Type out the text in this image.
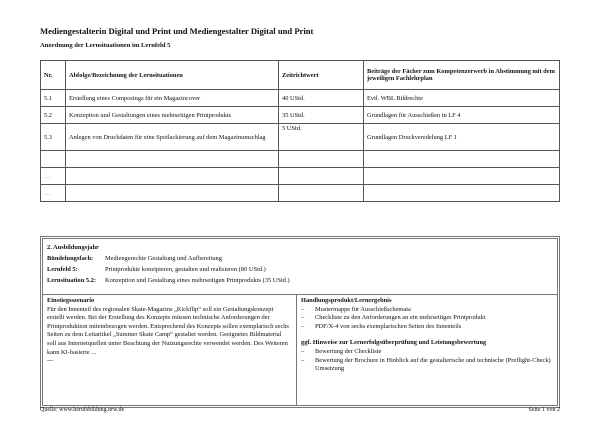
Mediengestalterin Digital und Print und Mediengestalter Digital und Print
Anordnung der Lernsituationen im Lernfeld 5
Nr.	Abfolge/Bezeichnung der Lernsituationen	Zeitrichtwert	Beiträge der Fächer zum Kompetenzerwerb in Abstimmung mit dem jeweiligen Fachlehrplan
5.1	Erstellung eines Composings für ein Magazincover	40 UStd.	Evtl. WBL Bildrechte
5.2	Konzeption und Gestaltungen eines mehrseitigen Printprodukts	35 UStd.	Grundlagen für Ausschießen in LF 4
5.3	Anlegen von Druckdaten für eine Spotlackierung auf dem Magazinumschlag	5 UStd.	Grundlagen Druckveredelung LF 1

…			
…			
2. Ausbildungsjahr
Bündelungsfach: Mediengerechte Gestaltung und Aufbereitung
Lernfeld 5:	Printprodukte konzipieren, gestalten und realisieren (80 UStd.)
Lernsituation 5.2: Konzeption und Gestaltung eines mehrseitigen Printprodukts (35 UStd.)
Einstiegsszenario
Für den Innenteil des regionalen Skate-Magazins „Kickflip“ soll ein Gestaltungskonzept erstellt werden. Bei der Erstellung des Konzepts müssen technische Anforderungen der Printproduktion miteinbezogen werden. Entsprechend des Konzepts sollen exemplarisch sechs Seiten zu dem Leitartikel „Summer Skate Camp“ gestaltet werden. Geeignetes Bildmaterial soll aus Internetquellen unter Beachtung der Nutzungsrechte verwendet werden. Des Weiteren kann KI-basierte ...
---
Handlungsprodukt/Lernergebnis
–	Mustermappe für Ausschießschemata
–	Checkliste zu den Anforderungen an ein mehrseitiges Printprodukt
–	PDF/X-4 von sechs exemplarischen Seiten des Innenteils
ggf. Hinweise zur Lernerfolgsüberprüfung und Leistungsbewertung
–	Bewertung der Checkliste
–	Bewertung der Brochure in Hinblick auf die gestalterische und technische (Preflight-Check) Umsetzung
Quelle: www.berufsbildung.nrw.de	Seite 1 von 2
